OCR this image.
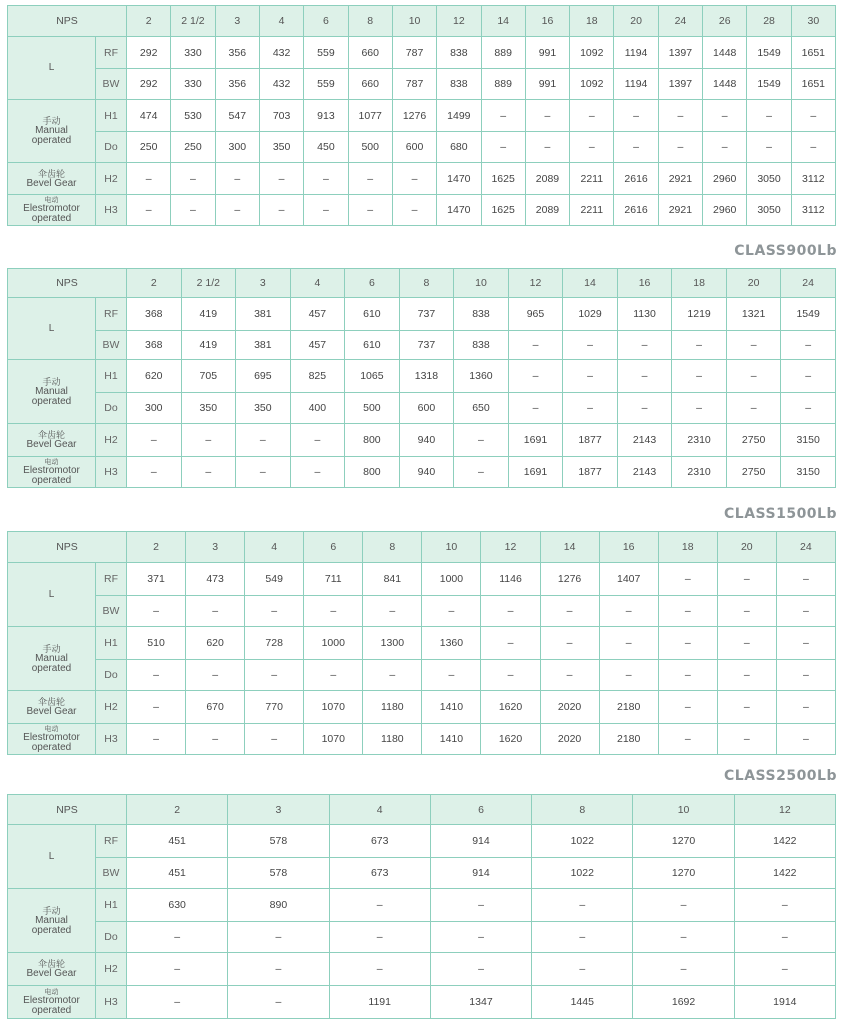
NPS		2	2 1/2	3	4	6	8	10	12	14	16	18	20	24	26	28	30

L	RF	292	330	356	432	559	660	787	838	889	991	1092	1194	1397	1448	1549	1651
	BW	292	330	356	432	559	660	787	838	889	991	1092	1194	1397	1448	1549	1651

手动
Manual
operated	H1	474	530	547	703	913	1077	1276	1499	–	–	–	–	–	–	–	–
	Do	250	250	300	350	450	500	600	680	–	–	–	–	–	–	–	–

伞齿轮
Bevel Gear	H2	–	–	–	–	–	–	–	1470	1625	2089	2211	2616	2921	2960	3050	3112

电动
Elestromotor
operated	H3	–	–	–	–	–	–	–	1470	1625	2089	2211	2616	2921	2960	3050	3112
CLASS900Lb
NPS		2	2 1/2	3	4	6	8	10	12	14	16	18	20	24

L	RF	368	419	381	457	610	737	838	965	1029	1130	1219	1321	1549
	BW	368	419	381	457	610	737	838	–	–	–	–	–	–

手动
Manual
operated	H1	620	705	695	825	1065	1318	1360	–	–	–	–	–	–
	Do	300	350	350	400	500	600	650	–	–	–	–	–	–

伞齿轮
Bevel Gear	H2	–	–	–	–	800	940	–	1691	1877	2143	2310	2750	3150

电动
Elestromotor
operated	H3	–	–	–	–	800	940	–	1691	1877	2143	2310	2750	3150
CLASS1500Lb
NPS		2	3	4	6	8	10	12	14	16	18	20	24

L	RF	371	473	549	711	841	1000	1146	1276	1407	–	–	–
	BW	–	–	–	–	–	–	–	–	–	–	–	–

手动
Manual
operated	H1	510	620	728	1000	1300	1360	–	–	–	–	–	–
	Do	–	–	–	–	–	–	–	–	–	–	–	–

伞齿轮
Bevel Gear	H2	–	670	770	1070	1180	1410	1620	2020	2180	–	–	–

电动
Elestromotor
operated	H3	–	–	–	1070	1180	1410	1620	2020	2180	–	–	–
CLASS2500Lb
NPS		2	3	4	6	8	10	12

L	RF	451	578	673	914	1022	1270	1422
	BW	451	578	673	914	1022	1270	1422

手动
Manual
operated	H1	630	890	–	–	–	–	–
	Do	–	–	–	–	–	–	–

伞齿轮
Bevel Gear	H2	–	–	–	–	–	–	–

电动
Elestromotor
operated	H3	–	–	1191	1347	1445	1692	1914
